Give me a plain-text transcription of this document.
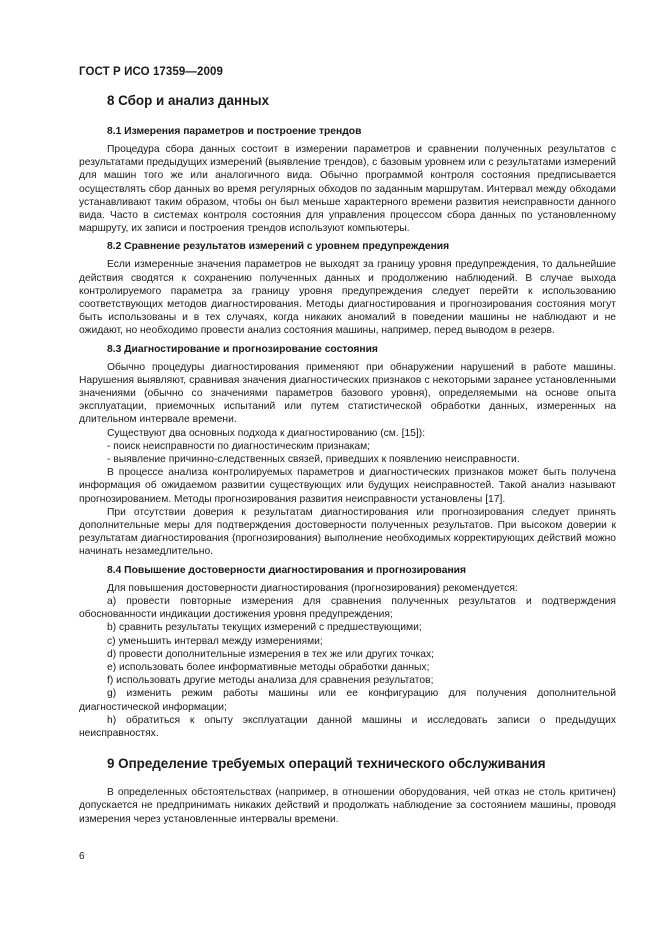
ГОСТ Р ИСО 17359—2009
8 Сбор и анализ данных
8.1 Измерения параметров и построение трендов

Процедура сбора данных состоит в измерении параметров и сравнении полученных результатов с результатами предыдущих измерений (выявление трендов), с базовым уровнем или с результатами измерений для машин того же или аналогичного вида. Обычно программой контроля состояния предписывается осуществлять сбор данных во время регулярных обходов по заданным маршрутам. Интервал между обходами устанавливают таким образом, чтобы он был меньше характерного времени развития неисправности данного вида. Часто в системах контроля состояния для управления процессом сбора данных по установленному маршруту, их записи и построения трендов используют компьютеры.

8.2 Сравнение результатов измерений с уровнем предупреждения

Если измеренные значения параметров не выходят за границу уровня предупреждения, то дальнейшие действия сводятся к сохранению полученных данных и продолжению наблюдений. В случае выхода контролируемого параметра за границу уровня предупреждения следует перейти к использованию соответствующих методов диагностирования. Методы диагностирования и прогнозирования состояния могут быть использованы и в тех случаях, когда никаких аномалий в поведении машины не наблюдают и не ожидают, но необходимо провести анализ состояния машины, например, перед выводом в резерв.

8.3 Диагностирование и прогнозирование состояния

Обычно процедуры диагностирования применяют при обнаружении нарушений в работе машины. Нарушения выявляют, сравнивая значения диагностических признаков с некоторыми заранее установленными значениями (обычно со значениями параметров базового уровня), определяемыми на основе опыта эксплуатации, приемочных испытаний или путем статистической обработки данных, измеренных на длительном интервале времени.

Существуют два основных подхода к диагностированию (см. [15]):

- поиск неисправности по диагностическим признакам;
- выявление причинно-следственных связей, приведших к появлению неисправности.

В процессе анализа контролируемых параметров и диагностических признаков может быть получена информация об ожидаемом развитии существующих или будущих неисправностей. Такой анализ называют прогнозированием. Методы прогнозирования развития неисправности установлены [17].

При отсутствии доверия к результатам диагностирования или прогнозирования следует принять дополнительные меры для подтверждения достоверности полученных результатов. При высоком доверии к результатам диагностирования (прогнозирования) выполнение необходимых корректирующих действий можно начинать незамедлительно.

8.4 Повышение достоверности диагностирования и прогнозирования

Для повышения достоверности диагностирования (прогнозирования) рекомендуется:

а) провести повторные измерения для сравнения полученных результатов и подтверждения обоснованности индикации достижения уровня предупреждения;
b) сравнить результаты текущих измерений с предшествующими;
c) уменьшить интервал между измерениями;
d) провести дополнительные измерения в тех же или других точках;
e) использовать более информативные методы обработки данных;
f) использовать другие методы анализа для сравнения результатов;
g) изменить режим работы машины или ее конфигурацию для получения дополнительной диагностической информации;
h) обратиться к опыту эксплуатации данной машины и исследовать записи о предыдущих неисправностях.
9 Определение требуемых операций технического обслуживания

В определенных обстоятельствах (например, в отношении оборудования, чей отказ не столь критичен) допускается не предпринимать никаких действий и продолжать наблюдение за состоянием машины, проводя измерения через установленные интервалы времени.

6
